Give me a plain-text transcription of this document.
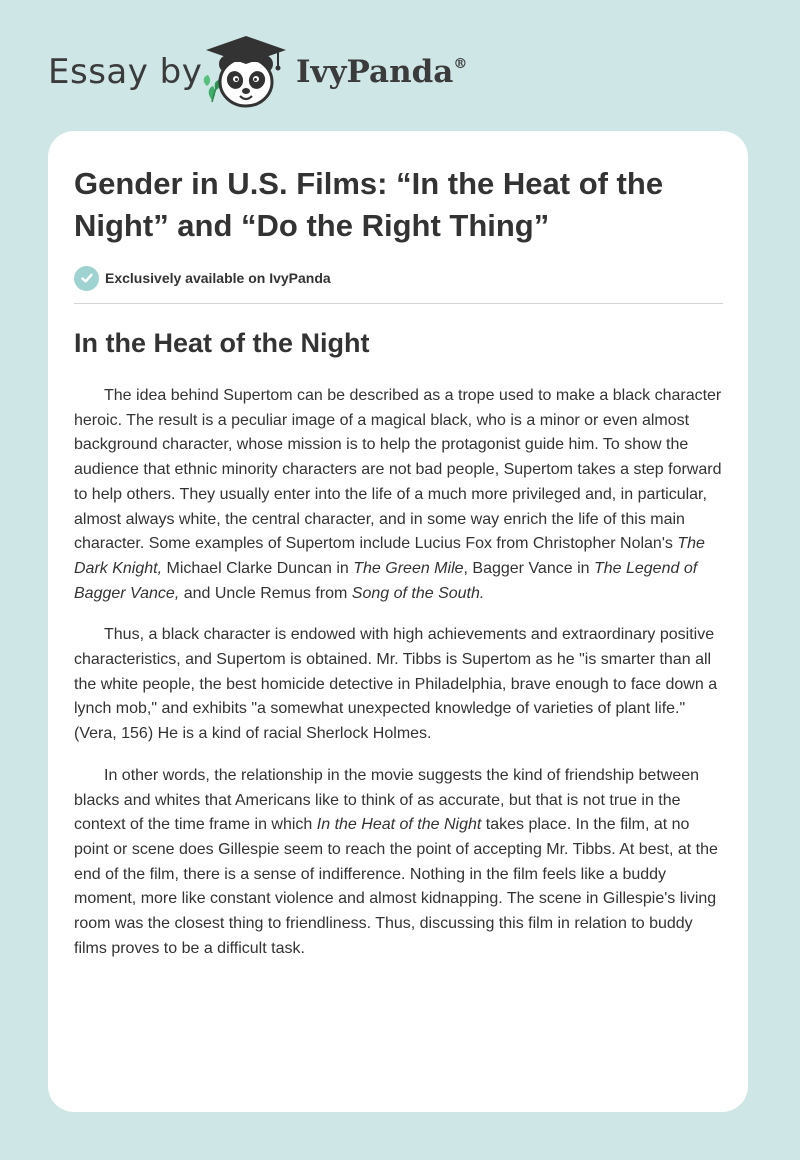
Essay by	IvyPanda®
Gender in U.S. Films: “In the Heat of the Night” and “Do the Right Thing”
Exclusively available on IvyPanda
In the Heat of the Night

The idea behind Supertom can be described as a trope used to make a black character heroic. The result is a peculiar image of a magical black, who is a minor or even almost background character, whose mission is to help the protagonist guide him. To show the audience that ethnic minority characters are not bad people, Supertom takes a step forward to help others. They usually enter into the life of a much more privileged and, in particular, almost always white, the central character, and in some way enrich the life of this main character. Some examples of Supertom include Lucius Fox from Christopher Nolan's The Dark Knight, Michael Clarke Duncan in The Green Mile, Bagger Vance in The Legend of Bagger Vance, and Uncle Remus from Song of the South.

Thus, a black character is endowed with high achievements and extraordinary positive characteristics, and Supertom is obtained. Mr. Tibbs is Supertom as he "is smarter than all the white people, the best homicide detective in Philadelphia, brave enough to face down a lynch mob," and exhibits "a somewhat unexpected knowledge of varieties of plant life." (Vera, 156) He is a kind of racial Sherlock Holmes.

In other words, the relationship in the movie suggests the kind of friendship between blacks and whites that Americans like to think of as accurate, but that is not true in the context of the time frame in which In the Heat of the Night takes place. In the film, at no point or scene does Gillespie seem to reach the point of accepting Mr. Tibbs. At best, at the end of the film, there is a sense of indifference. Nothing in the film feels like a buddy moment, more like constant violence and almost kidnapping. The scene in Gillespie's living room was the closest thing to friendliness. Thus, discussing this film in relation to buddy films proves to be a difficult task.
